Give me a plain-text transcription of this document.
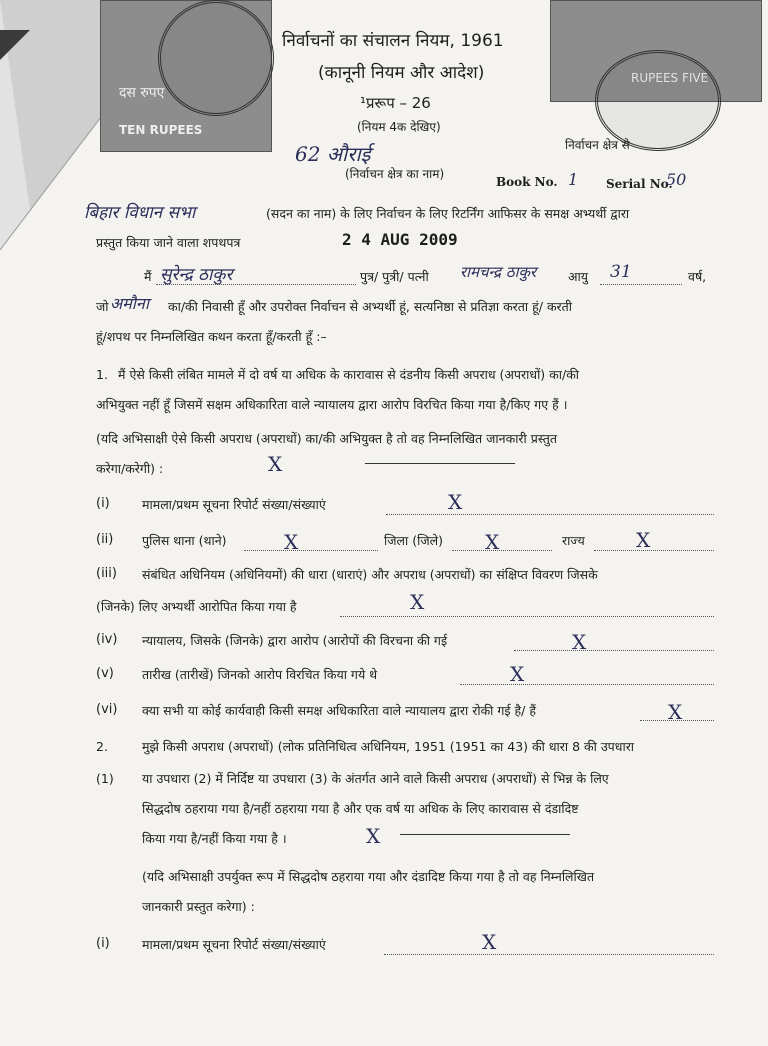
दस रुपए
TEN RUPEES
RUPEES FIVE
निर्वाचनों का संचालन नियम, 1961
(कानूनी नियम और आदेश)
¹प्ररूप – 26
(नियम 4क देखिए)
निर्वाचन क्षेत्र से
62 औराई
(निर्वाचन क्षेत्र का नाम)
Book No. 1 Serial No.
50
बिहार विधान सभा	(सदन का नाम) के लिए निर्वाचन के लिए रिटर्निंग आफिसर के समक्ष अभ्यर्थी द्वारा
प्रस्तुत किया जाने वाला शपथपत्र	2 4 AUG 2009
मैं सुरेन्द्र ठाकुर	पुत्र/ पुत्री/ पत्नी रामचन्द्र ठाकुर	आयु 31	वर्ष,
जो अमौना का/की निवासी हूँ और उपरोक्त निर्वाचन से अभ्यर्थी हूं, सत्यनिष्ठा से प्रतिज्ञा करता हूं/ करती
हूं/शपथ पर निम्नलिखित कथन करता हूँ/करती हूँ :–
1. मैं ऐसे किसी लंबित मामले में दो वर्ष या अधिक के कारावास से दंडनीय किसी अपराध (अपराधों) का/की
अभियुक्त नहीं हूँ जिसमें सक्षम अधिकारिता वाले न्यायालय द्वारा आरोप विरचित किया गया है/किए गए हैं ।
(यदि अभिसाक्षी ऐसे किसी अपराध (अपराधों) का/की अभियुक्त है तो वह निम्नलिखित जानकारी प्रस्तुत
करेगा/करेगी) :	X
(i)	मामला/प्रथम सूचना रिपोर्ट संख्या/संख्याएं	X
(ii) पुलिस थाना (थाने)	X	जिला (जिले) X	राज्य	X
(iii) संबंधित अधिनियम (अधिनियमों) की धारा (धाराएं) और अपराध (अपराधों) का संक्षिप्त विवरण जिसके
(जिनके) लिए अभ्यर्थी आरोपित किया गया है	X
(iv) न्यायालय, जिसके (जिनके) द्वारा आरोप (आरोपों की विरचना की गई	X
(v) तारीख (तारीखें) जिनको आरोप विरचित किया गये थे	X
(vi) क्या सभी या कोई कार्यवाही किसी समक्ष अधिकारिता वाले न्यायालय द्वारा रोकी गई है/ हैं	X
2.	मुझे किसी अपराध (अपराधों) (लोक प्रतिनिधित्व अधिनियम, 1951 (1951 का 43) की धारा 8 की उपधारा
(1) या उपधारा (2) में निर्दिष्ट या उपधारा (3) के अंतर्गत आने वाले किसी अपराध (अपराधों) से भिन्न के लिए
सिद्धदोष ठहराया गया है/नहीं ठहराया गया है और एक वर्ष या अधिक के लिए कारावास से दंडादिष्ट
किया गया है/नहीं किया गया है ।	X
(यदि अभिसाक्षी उपर्युक्त रूप में सिद्धदोष ठहराया गया और दंडादिष्ट किया गया है तो वह निम्नलिखित
जानकारी प्रस्तुत करेगा) :
(i)	मामला/प्रथम सूचना रिपोर्ट संख्या/संख्याएं	X
